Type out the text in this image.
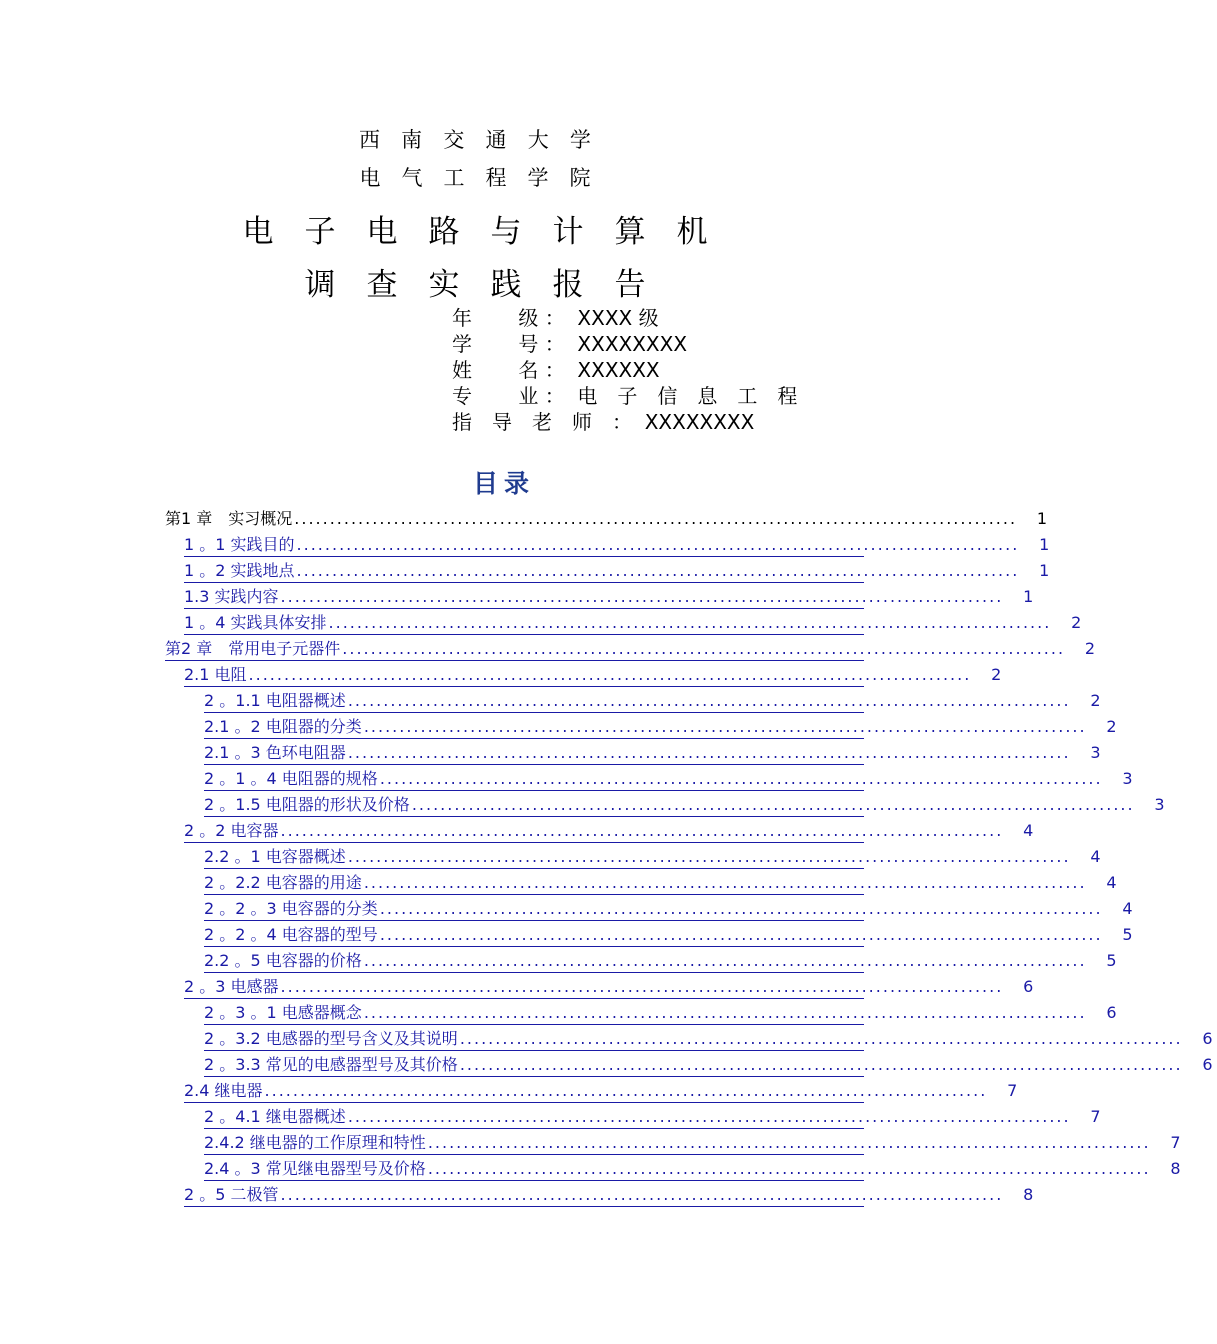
西　南　交　通　大　学
电　气　工　程　学　院
电　子　电　路　与　计　算　机
调　查　实　践　报　告
年　　 级 ：  XXXX 级
学　　 号 ：  XXXXXXXX
姓　　 名 ：  XXXXXX
专　　 业 ：  电　子　信　息　工　程
指　导　老　师　：  XXXXXXXX
目录
第1 章　实习概况 ......................................................................................................	1
1 。1 实践目的 ......................................................................................................	1
1 。2 实践地点 ......................................................................................................	1
1.3 实践内容 ......................................................................................................	1
1 。4 实践具体安排 ......................................................................................................	2
第2 章　常用电子元器件 ......................................................................................................	2
2.1 电阻 ......................................................................................................	2
2 。1.1 电阻器概述 ......................................................................................................	2
2.1 。2 电阻器的分类 ......................................................................................................	2
2.1 。3 色环电阻器 ......................................................................................................	3
2 。1 。4 电阻器的规格 ......................................................................................................	3
2 。1.5 电阻器的形状及价格 ......................................................................................................	3
2 。2 电容器 ......................................................................................................	4
2.2 。1 电容器概述 ......................................................................................................	4
2 。2.2 电容器的用途 ......................................................................................................	4
2 。2 。3 电容器的分类 ......................................................................................................	4
2 。2 。4 电容器的型号 ......................................................................................................	5
2.2 。5 电容器的价格 ......................................................................................................	5
2 。3 电感器 ......................................................................................................	6
2 。3 。1 电感器概念 ......................................................................................................	6
2 。3.2 电感器的型号含义及其说明 ......................................................................................................	6
2 。3.3 常见的电感器型号及其价格 ......................................................................................................	6
2.4 继电器 ......................................................................................................	7
2 。4.1 继电器概述 ......................................................................................................	7
2.4.2 继电器的工作原理和特性 ......................................................................................................	7
2.4 。3 常见继电器型号及价格 ......................................................................................................	8
2 。5 二极管 ......................................................................................................	8
